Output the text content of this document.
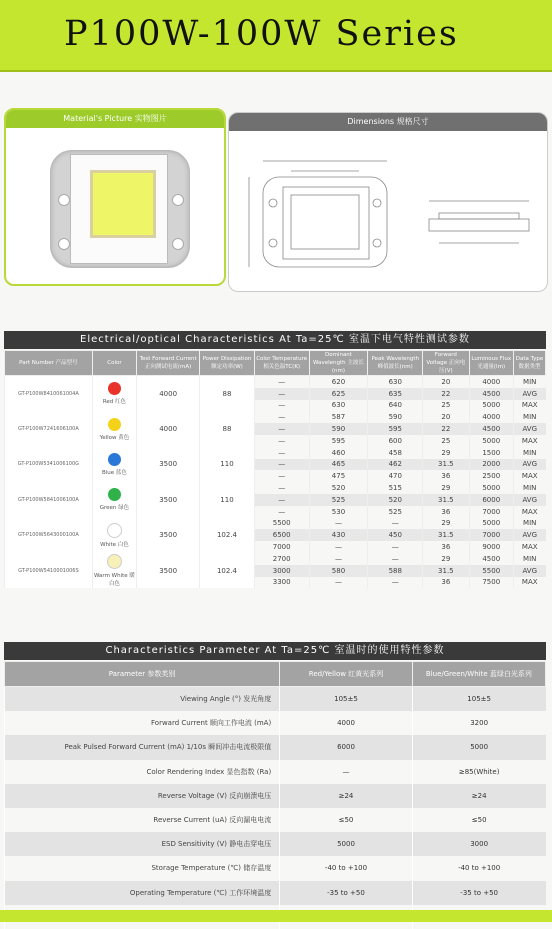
P100W-100W Series
Material's Picture 实物图片	Dimensions 规格尺寸
Electrical/optical Characteristics At Ta=25℃ 室温下电气特性测试参数
Part Number 产品型号	Color	Test Forward Current 正向测试电流(mA)	Power Dissipation 额定功率(W)	Color Temperature 相关色温TC(K)	Dominant Wavelength 主波长(nm)	Peak Wavelength 峰值波长(nm)	Forward Voltage 正向电压(V)	Luminous Flux 光通量(lm)	Data Type 数据类型
GT-P100W8410061004A	Red 红色	4000	88	—	620	630	20	4000	MIN
				—	625	635	22	4500	AVG
				—	630	640	25	5000	MAX
GT-P100W7241606100A	Yellow 黄色	4000	88	—	587	590	20	4000	MIN
				—	590	595	22	4500	AVG
				—	595	600	25	5000	MAX
GT-P100W5341006100G	Blue 蓝色	3500	110	—	460	458	29	1500	MIN
				—	465	462	31.5	2000	AVG
				—	475	470	36	2500	MAX
GT-P100W5841006100A	Green 绿色	3500	110	—	520	515	29	5000	MIN
				—	525	520	31.5	6000	AVG
				—	530	525	36	7000	MAX
GT-P100W5643000100A	White 白色	3500	102.4	5500	—	—	29	5000	MIN
				6500	430	450	31.5	7000	AVG
				7000	—	—	36	9000	MAX
GT-P100W5410001006S	Warm White 暖白色	3500	102.4	2700	—	—	29	4500	MIN
				3000	580	588	31.5	5500	AVG
				3300	—	—	36	7500	MAX
Characteristics Parameter At Ta=25℃ 室温时的使用特性参数
Parameter 参数类别	Red/Yellow 红黄光系列	Blue/Green/White 蓝绿白光系列
Viewing Angle (°) 发光角度	105±5	105±5
Forward Current 顺向工作电流 (mA)	4000	3200
Peak Pulsed Forward Current (mA) 1/10s 瞬间冲击电流极限值	6000	5000
Color Rendering Index 显色指数 (Ra)	—	≥85(White)
Reverse Voltage (V) 反向崩溃电压	≥24	≥24
Reverse Current (uA) 反向漏电电流	≤50	≤50
ESD Sensitivity (V) 静电击穿电压	5000	3000
Storage Temperature (℃) 储存温度	-40 to +100	-40 to +100
Operating Temperature (℃) 工作环境温度	-35 to +50	-35 to +50
